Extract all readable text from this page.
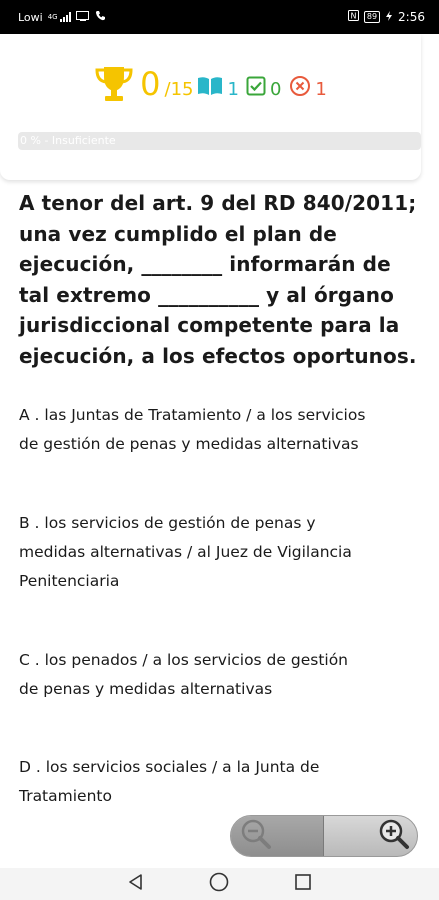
Lowi 4G	N	89 2:56
0 /15 1 0 1
0 % - Insuficiente
A tenor del art. 9 del RD 840/2011;
una vez cumplido el plan de
ejecución, ________ informarán de
tal extremo __________ y al órgano
jurisdiccional competente para la
ejecución, a los efectos oportunos.
A . las Juntas de Tratamiento / a los servicios
de gestión de penas y medidas alternativas
B . los servicios de gestión de penas y
medidas alternativas / al Juez de Vigilancia
Penitenciaria
C . los penados / a los servicios de gestión
de penas y medidas alternativas
D . los servicios sociales / a la Junta de
Tratamiento
